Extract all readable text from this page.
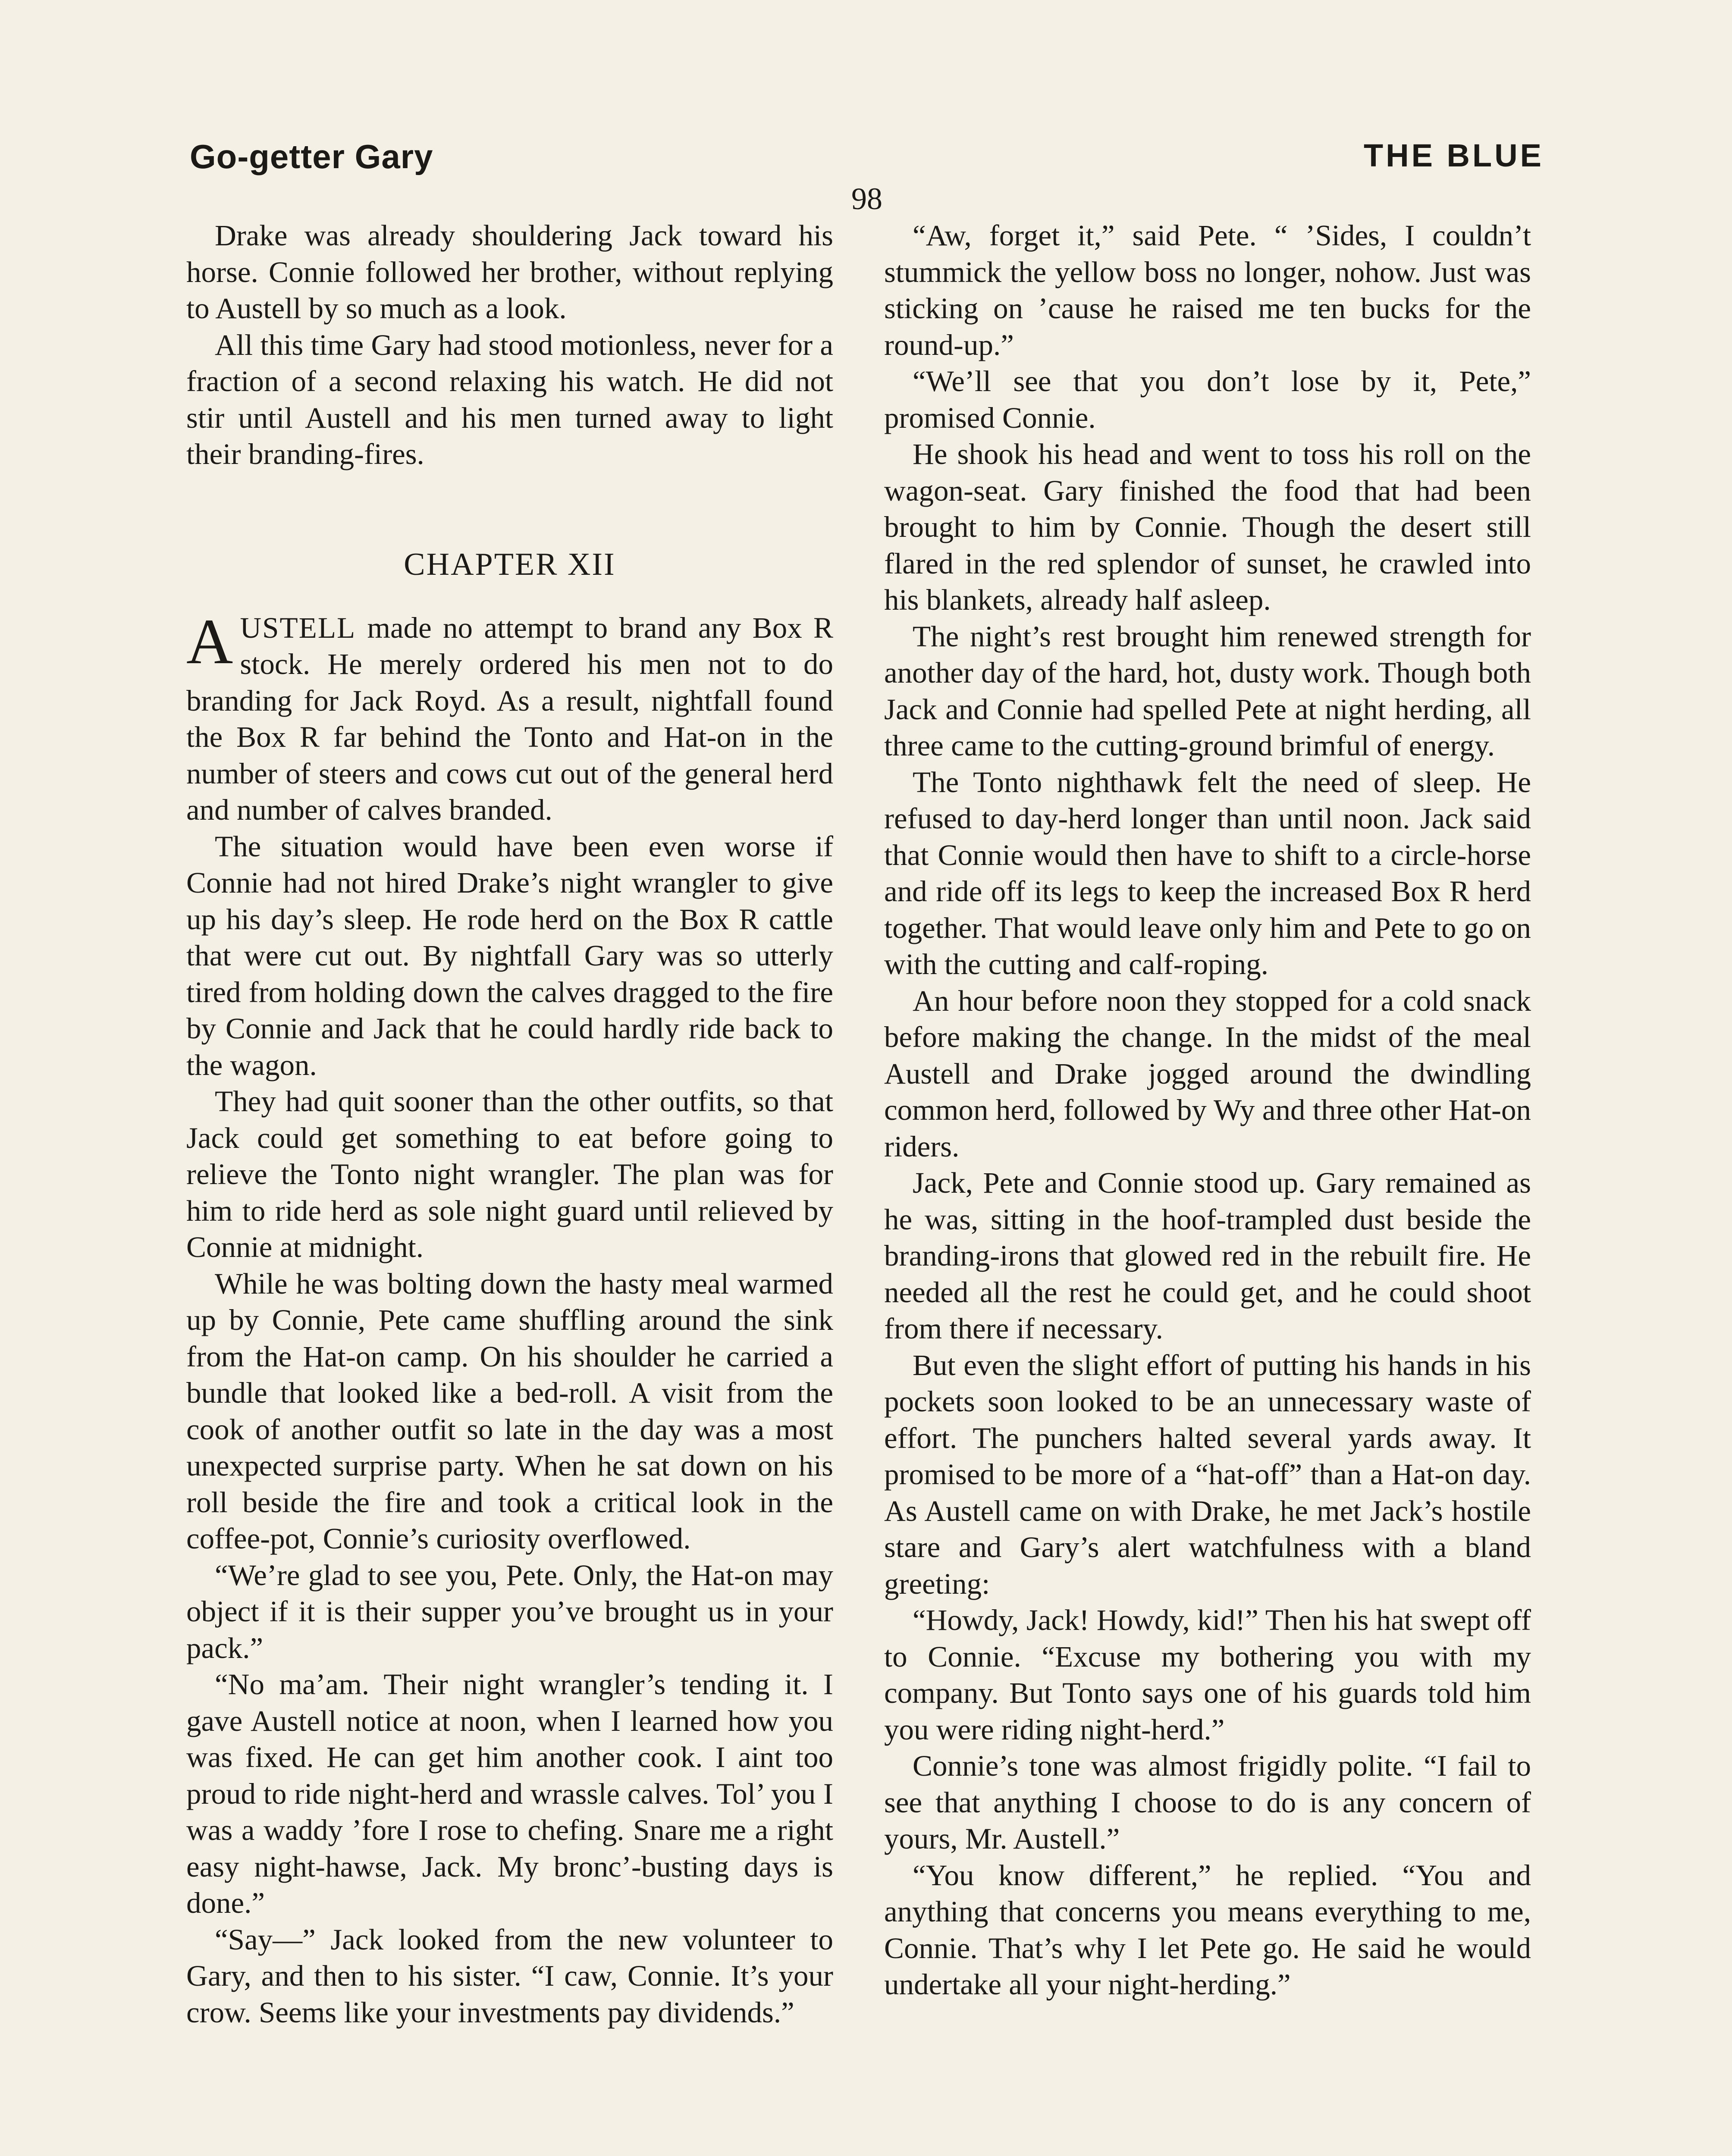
Go-getter Gary	THE BLUE
98

Drake was already shouldering Jack toward his horse. Connie followed her brother, without replying to Austell by so much as a look.

All this time Gary had stood motionless, never for a fraction of a second relaxing his watch. He did not stir until Austell and his men turned away to light their branding-fires.

CHAPTER XII

AUSTELL made no attempt to brand any Box R stock. He merely ordered his men not to do branding for Jack Royd. As a result, nightfall found the Box R far behind the Tonto and Hat-on in the number of steers and cows cut out of the general herd and number of calves branded.

The situation would have been even worse if Connie had not hired Drake’s night wrangler to give up his day’s sleep. He rode herd on the Box R cattle that were cut out. By nightfall Gary was so utterly tired from holding down the calves dragged to the fire by Connie and Jack that he could hardly ride back to the wagon.

They had quit sooner than the other outfits, so that Jack could get something to eat before going to relieve the Tonto night wrangler. The plan was for him to ride herd as sole night guard until relieved by Connie at midnight.

While he was bolting down the hasty meal warmed up by Connie, Pete came shuffling around the sink from the Hat-on camp. On his shoulder he carried a bundle that looked like a bed-roll. A visit from the cook of another outfit so late in the day was a most unexpected surprise party. When he sat down on his roll beside the fire and took a critical look in the coffee-pot, Connie’s curiosity overflowed.

“We’re glad to see you, Pete. Only, the Hat-on may object if it is their supper you’ve brought us in your pack.”

“No ma’am. Their night wrangler’s tending it. I gave Austell notice at noon, when I learned how you was fixed. He can get him another cook. I aint too proud to ride night-herd and wrassle calves. Tol’ you I was a waddy ’fore I rose to chefing. Snare me a right easy night-hawse, Jack. My bronc’-busting days is done.”

“Say—” Jack looked from the new volunteer to Gary, and then to his sister. “I caw, Connie. It’s your crow. Seems like your investments pay dividends.”

“Aw, forget it,” said Pete. “ ’Sides, I couldn’t stummick the yellow boss no longer, nohow. Just was sticking on ’cause he raised me ten bucks for the round-up.”

“We’ll see that you don’t lose by it, Pete,” promised Connie.

He shook his head and went to toss his roll on the wagon-seat. Gary finished the food that had been brought to him by Connie. Though the desert still flared in the red splendor of sunset, he crawled into his blankets, already half asleep.

The night’s rest brought him renewed strength for another day of the hard, hot, dusty work. Though both Jack and Connie had spelled Pete at night herding, all three came to the cutting-ground brimful of energy.

The Tonto nighthawk felt the need of sleep. He refused to day-herd longer than until noon. Jack said that Connie would then have to shift to a circle-horse and ride off its legs to keep the increased Box R herd together. That would leave only him and Pete to go on with the cutting and calf-roping.

An hour before noon they stopped for a cold snack before making the change. In the midst of the meal Austell and Drake jogged around the dwindling common herd, followed by Wy and three other Hat-on riders.

Jack, Pete and Connie stood up. Gary remained as he was, sitting in the hoof-trampled dust beside the branding-irons that glowed red in the rebuilt fire. He needed all the rest he could get, and he could shoot from there if necessary.

But even the slight effort of putting his hands in his pockets soon looked to be an unnecessary waste of effort. The punchers halted several yards away. It promised to be more of a “hat-off” than a Hat-on day. As Austell came on with Drake, he met Jack’s hostile stare and Gary’s alert watchfulness with a bland greeting:

“Howdy, Jack! Howdy, kid!” Then his hat swept off to Connie. “Excuse my bothering you with my company. But Tonto says one of his guards told him you were riding night-herd.”

Connie’s tone was almost frigidly polite. “I fail to see that anything I choose to do is any concern of yours, Mr. Austell.”

“You know different,” he replied. “You and anything that concerns you means everything to me, Connie. That’s why I let Pete go. He said he would undertake all your night-herding.”
